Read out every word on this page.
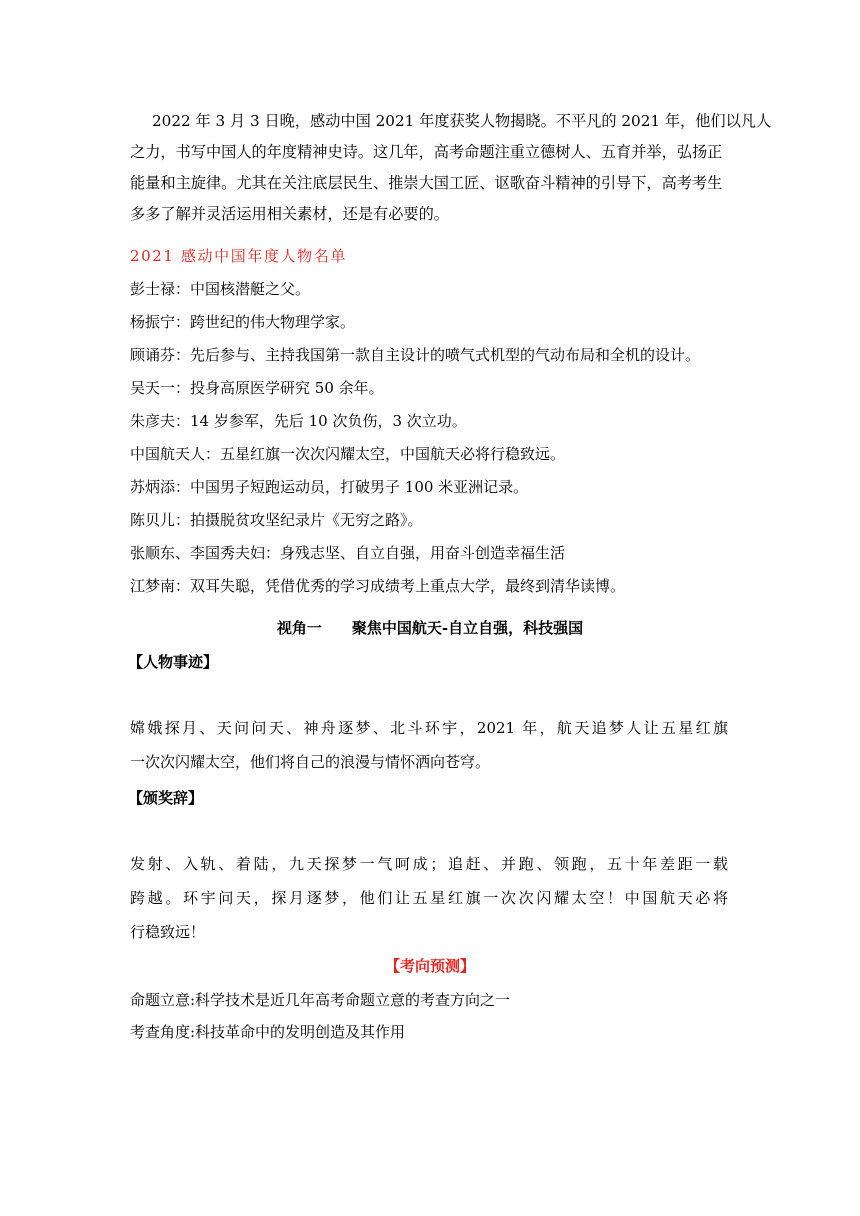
2022 年 3 月 3 日晚，感动中国 2021 年度获奖人物揭晓。不平凡的 2021 年，他们以凡人
之力，书写中国人的年度精神史诗。这几年，高考命题注重立德树人、五育并举，弘扬正
能量和主旋律。尤其在关注底层民生、推崇大国工匠、讴歌奋斗精神的引导下，高考考生
多多了解并灵活运用相关素材，还是有必要的。
2021 感动中国年度人物名单
彭士禄：中国核潜艇之父。
杨振宁：跨世纪的伟大物理学家。
顾诵芬：先后参与、主持我国第一款自主设计的喷气式机型的气动布局和全机的设计。
吴天一：投身高原医学研究 50 余年。
朱彦夫：14 岁参军，先后 10 次负伤，3 次立功。
中国航天人：五星红旗一次次闪耀太空，中国航天必将行稳致远。
苏炳添：中国男子短跑运动员，打破男子 100 米亚洲记录。
陈贝儿：拍摄脱贫攻坚纪录片《无穷之路》。
张顺东、李国秀夫妇：身残志坚、自立自强，用奋斗创造幸福生活
江梦南：双耳失聪，凭借优秀的学习成绩考上重点大学，最终到清华读博。
视角一　　聚焦中国航天-自立自强，科技强国
【人物事迹】
嫦娥探月、天问问天、神舟逐梦、北斗环宇，2021 年，航天追梦人让五星红旗
一次次闪耀太空，他们将自己的浪漫与情怀洒向苍穹。
【颁奖辞】
发射、入轨、着陆，九天探梦一气呵成；追赶、并跑、领跑，五十年差距一载
跨越。环宇问天，探月逐梦，他们让五星红旗一次次闪耀太空！中国航天必将
行稳致远！
【考向预测】
命题立意:科学技术是近几年高考命题立意的考查方向之一
考查角度:科技革命中的发明创造及其作用
